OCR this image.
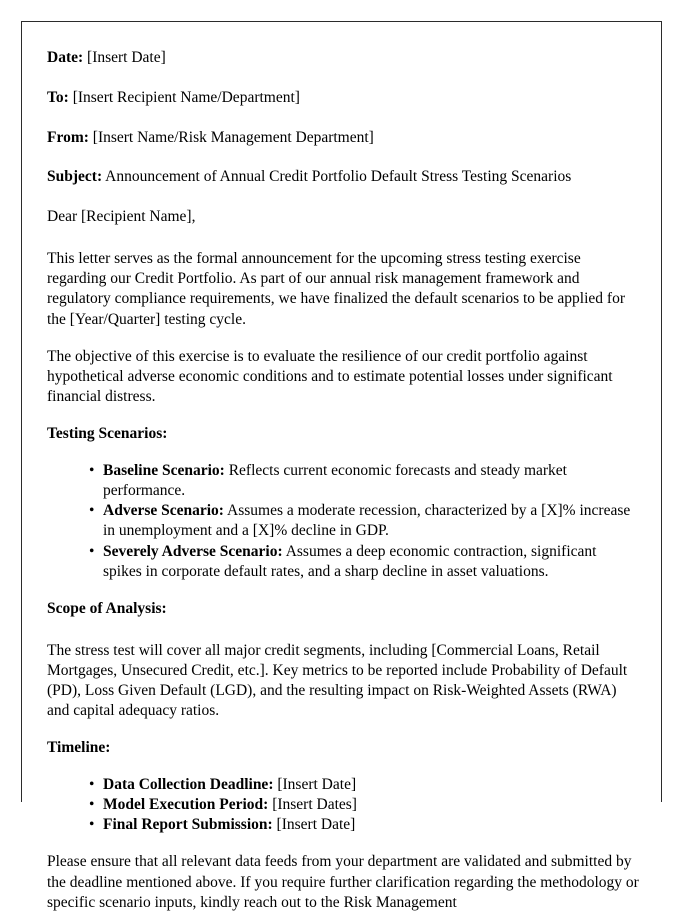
Date: [Insert Date]
To: [Insert Recipient Name/Department]
From: [Insert Name/Risk Management Department]
Subject: Announcement of Annual Credit Portfolio Default Stress Testing Scenarios
Dear [Recipient Name],

This letter serves as the formal announcement for the upcoming stress testing exercise regarding our Credit Portfolio. As part of our annual risk management framework and regulatory compliance requirements, we have finalized the default scenarios to be applied for the [Year/Quarter] testing cycle.

The objective of this exercise is to evaluate the resilience of our credit portfolio against hypothetical adverse economic conditions and to estimate potential losses under significant financial distress.

Testing Scenarios:
• Baseline Scenario: Reflects current economic forecasts and steady market performance.
• Adverse Scenario: Assumes a moderate recession, characterized by a [X]% increase in unemployment and a [X]% decline in GDP.
• Severely Adverse Scenario: Assumes a deep economic contraction, significant spikes in corporate default rates, and a sharp decline in asset valuations.
Scope of Analysis:

The stress test will cover all major credit segments, including [Commercial Loans, Retail Mortgages, Unsecured Credit, etc.]. Key metrics to be reported include Probability of Default (PD), Loss Given Default (LGD), and the resulting impact on Risk-Weighted Assets (RWA) and capital adequacy ratios.

Timeline:
• Data Collection Deadline: [Insert Date]
• Model Execution Period: [Insert Dates]
• Final Report Submission: [Insert Date]

Please ensure that all relevant data feeds from your department are validated and submitted by the deadline mentioned above. If you require further clarification regarding the methodology or specific scenario inputs, kindly reach out to the Risk Management
